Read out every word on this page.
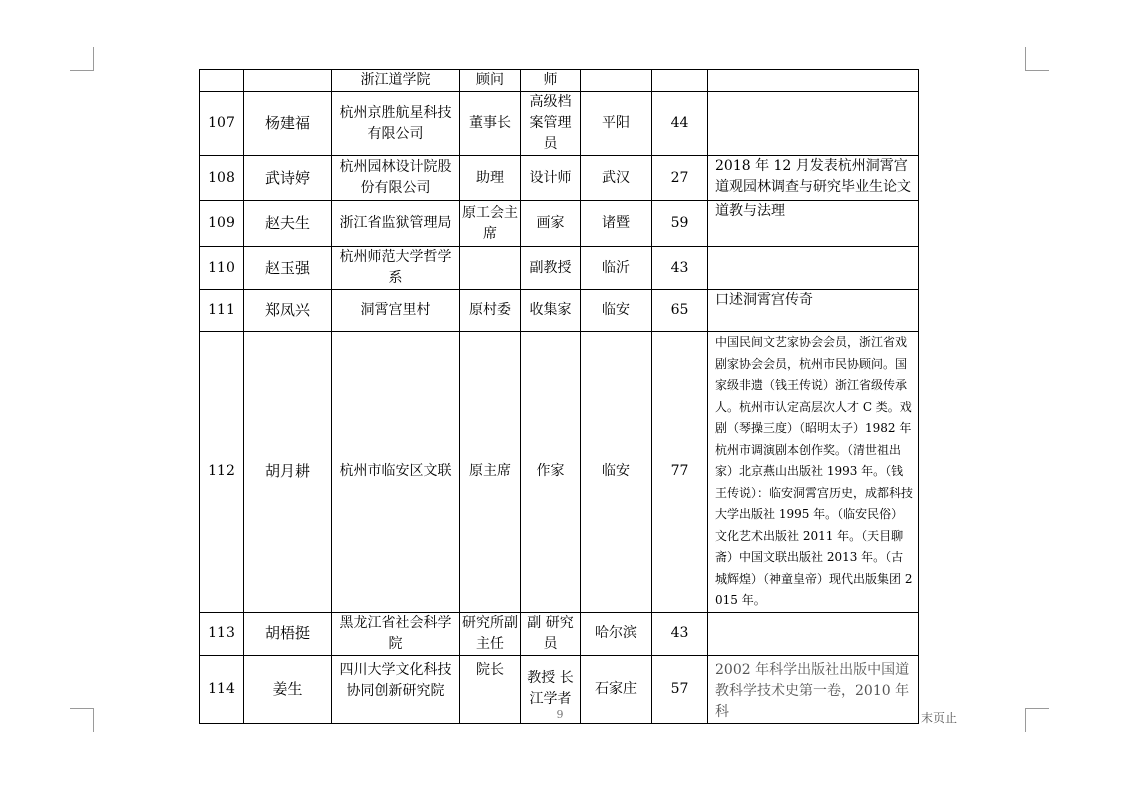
		浙江道学院	顾问	师			
107	杨建福	杭州京胜航星科技有限公司	董事长	高级档案管理员	平阳	44	
108	武诗婷	杭州园林设计院股份有限公司	助理	设计师	武汉	27	2018 年 12 月发表杭州洞霄宫道观园林调查与研究毕业生论文
109	赵夫生	浙江省监狱管理局	原工会主席	画家	诸暨	59	道教与法理
110	赵玉强	杭州师范大学哲学系		副教授	临沂	43	
111	郑凤兴	洞霄宫里村	原村委	收集家	临安	65	口述洞霄宫传奇
112	胡月耕	杭州市临安区文联	原主席	作家	临安	77	中国民间文艺家协会会员，浙江省戏剧家协会会员，杭州市民协顾问。国家级非遗（钱王传说）浙江省级传承人。杭州市认定高层次人才 C 类。戏剧（琴操三度）（昭明太子）1982 年杭州市调演剧本创作奖。（清世祖出家）北京燕山出版社 1993 年。（钱王传说）：临安洞霄宫历史，成都科技大学出版社 1995 年。（临安民俗）文化艺术出版社 2011 年。（天目聊斋）中国文联出版社 2013 年。（古城辉煌）（神童皇帝）现代出版集团 2015 年。
113	胡梧挺	黑龙江省社会科学院	研究所副主任	副 研究员	哈尔滨	43	
114	姜生	四川大学文化科技协同创新研究院	院长	教授 长江学者	石家庄	57	2002 年科学出版社出版中国道教科学技术史第一卷，2010 年科
9	末页止
